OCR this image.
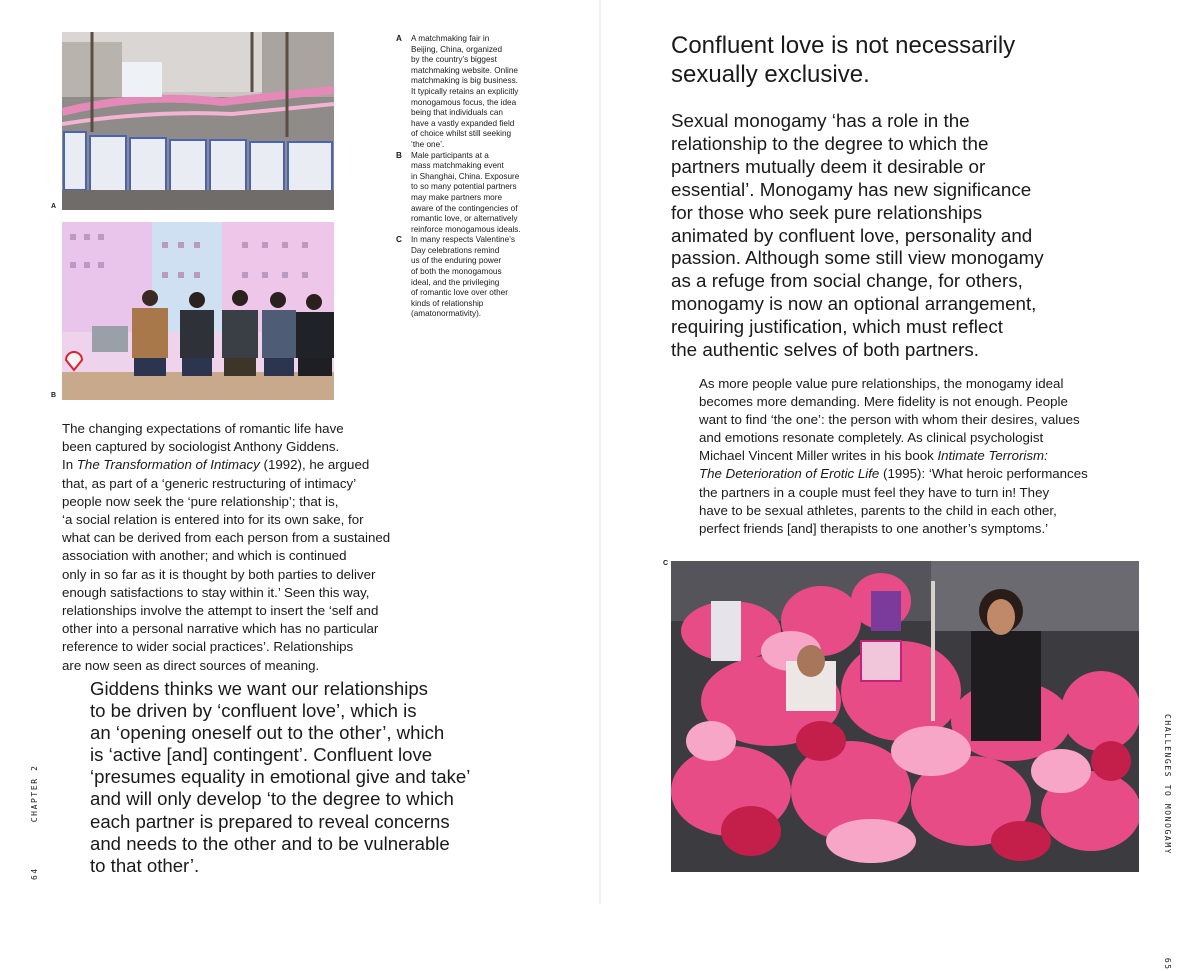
A
B
A A matchmaking fair in
Beijing, China, organized
by the country’s biggest
matchmaking website. Online
matchmaking is big business.
It typically retains an explicitly
monogamous focus, the idea
being that individuals can
have a vastly expanded field
of choice whilst still seeking
‘the one’.
B Male participants at a
mass matchmaking event
in Shanghai, China. Exposure
to so many potential partners
may make partners more
aware of the contingencies of
romantic love, or alternatively
reinforce monogamous ideals.
C In many respects Valentine’s
Day celebrations remind
us of the enduring power
of both the monogamous
ideal, and the privileging
of romantic love over other
kinds of relationship
(amatonormativity).
The changing expectations of romantic life have
been captured by sociologist Anthony Giddens.
In The Transformation of Intimacy (1992), he argued
that, as part of a ‘generic restructuring of intimacy’
people now seek the ‘pure relationship’; that is,
‘a social relation is entered into for its own sake, for
what can be derived from each person from a sustained
association with another; and which is continued
only in so far as it is thought by both parties to deliver
enough satisfactions to stay within it.’ Seen this way,
relationships involve the attempt to insert the ‘self and
other into a personal narrative which has no particular
reference to wider social practices’. Relationships
are now seen as direct sources of meaning.
Giddens thinks we want our relationships
to be driven by ‘confluent love’, which is
an ‘opening oneself out to the other’, which
is ‘active [and] contingent’. Confluent love
‘presumes equality in emotional give and take’
and will only develop ‘to the degree to which
each partner is prepared to reveal concerns
and needs to the other and to be vulnerable
to that other’.
Confluent love is not necessarily
sexually exclusive.
Sexual monogamy ‘has a role in the
relationship to the degree to which the
partners mutually deem it desirable or
essential’. Monogamy has new significance
for those who seek pure relationships
animated by confluent love, personality and
passion. Although some still view monogamy
as a refuge from social change, for others,
monogamy is now an optional arrangement,
requiring justification, which must reflect
the authentic selves of both partners.
As more people value pure relationships, the monogamy ideal
becomes more demanding. Mere fidelity is not enough. People
want to find ‘the one’: the person with whom their desires, values
and emotions resonate completely. As clinical psychologist
Michael Vincent Miller writes in his book Intimate Terrorism:
The Deterioration of Erotic Life (1995): ‘What heroic performances
the partners in a couple must feel they have to turn in! They
have to be sexual athletes, parents to the child in each other,
perfect friends [and] therapists to one another’s symptoms.’
C
64       CHAPTER 2	CHALLENGES TO MONOGAMY                65
